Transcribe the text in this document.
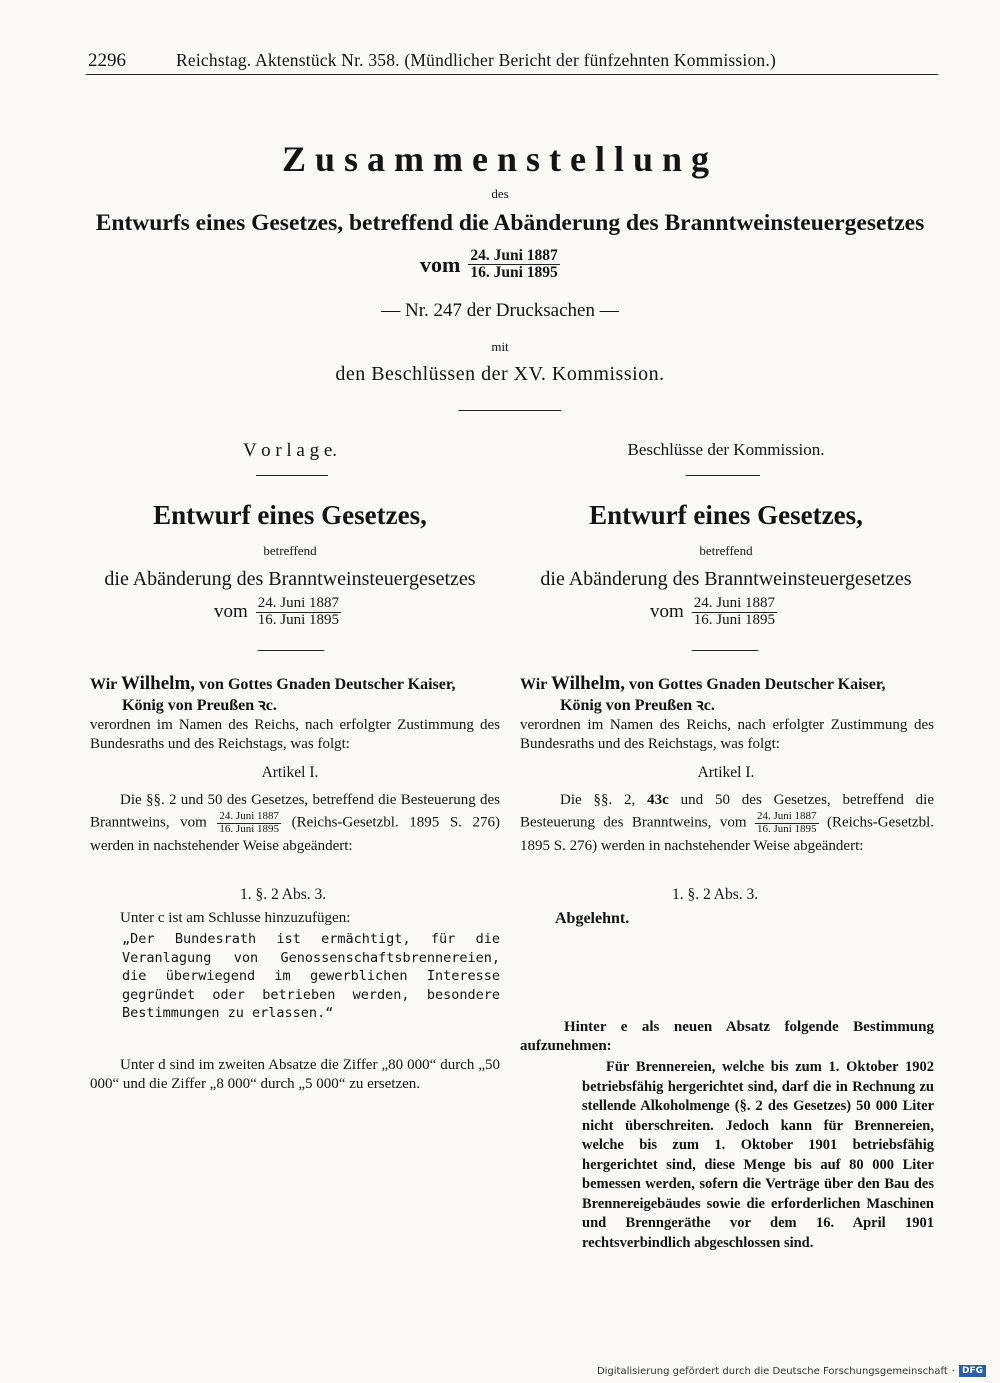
2296	Reichstag. Aktenstück Nr. 358. (Mündlicher Bericht der fünfzehnten Kommission.)
Zusammenstellung
des
Entwurfs eines Gesetzes, betreffend die Abänderung des Branntweinsteuergesetzes
vom $\frac{\text{24. Juni 1887}}{\text{16. Juni 1895}}$
— Nr. 247 der Drucksachen —
mit
den Beschlüssen der XV. Kommission.
V o r l a g e.
Entwurf eines Gesetzes,
betreffend
die Abänderung des Branntweinsteuergesetzes
vom $\frac{\text{24. Juni 1887}}{\text{16. Juni 1895}}$
Wir Wilhelm, von Gottes Gnaden Deutscher Kaiser,
König von Preußen ꝛc.
verordnen im Namen des Reichs, nach erfolgter Zustimmung des Bundesraths und des Reichstags, was folgt:
Artikel I.
Die §§. 2 und 50 des Gesetzes, betreffend die Besteuerung des Branntweins, vom $\frac{\text{24. Juni 1887}}{\text{16. Juni 1895}}$ (Reichs-Gesetzbl. 1895 S. 276) werden in nachstehender Weise abgeändert:
1. §. 2 Abs. 3.
Unter c ist am Schlusse hinzuzufügen:
„Der Bundesrath ist ermächtigt, für die Veranlagung von Genossenschaftsbrennereien, die überwiegend im gewerblichen Interesse gegründet oder betrieben werden, besondere Bestimmungen zu erlassen.“
Unter d sind im zweiten Absatze die Ziffer „80 000“ durch „50 000“ und die Ziffer „8 000“ durch „5 000“ zu ersetzen.
Beschlüsse der Kommission.
Entwurf eines Gesetzes,
betreffend
die Abänderung des Branntweinsteuergesetzes
vom $\frac{\text{24. Juni 1887}}{\text{16. Juni 1895}}$
Wir Wilhelm, von Gottes Gnaden Deutscher Kaiser,
König von Preußen ꝛc.
verordnen im Namen des Reichs, nach erfolgter Zustimmung des Bundesraths und des Reichstags, was folgt:
Artikel I.
Die §§. 2, 43c und 50 des Gesetzes, betreffend die Besteuerung des Branntweins, vom $\frac{\text{24. Juni 1887}}{\text{16. Juni 1895}}$ (Reichs-Gesetzbl. 1895 S. 276) werden in nachstehender Weise abgeändert:
1. §. 2 Abs. 3.
Abgelehnt.
Hinter e als neuen Absatz folgende Bestimmung aufzunehmen:
Für Brennereien, welche bis zum 1. Oktober 1902 betriebsfähig hergerichtet sind, darf die in Rechnung zu stellende Alkoholmenge (§. 2 des Gesetzes) 50 000 Liter nicht überschreiten. Jedoch kann für Brennereien, welche bis zum 1. Oktober 1901 betriebsfähig hergerichtet sind, diese Menge bis auf 80 000 Liter bemessen werden, sofern die Verträge über den Bau des Brennereigebäudes sowie die erforderlichen Maschinen und Brenngeräthe vor dem 16. April 1901 rechtsverbindlich abgeschlossen sind.
Digitalisierung gefördert durch die Deutsche Forschungsgemeinschaft · DFG
